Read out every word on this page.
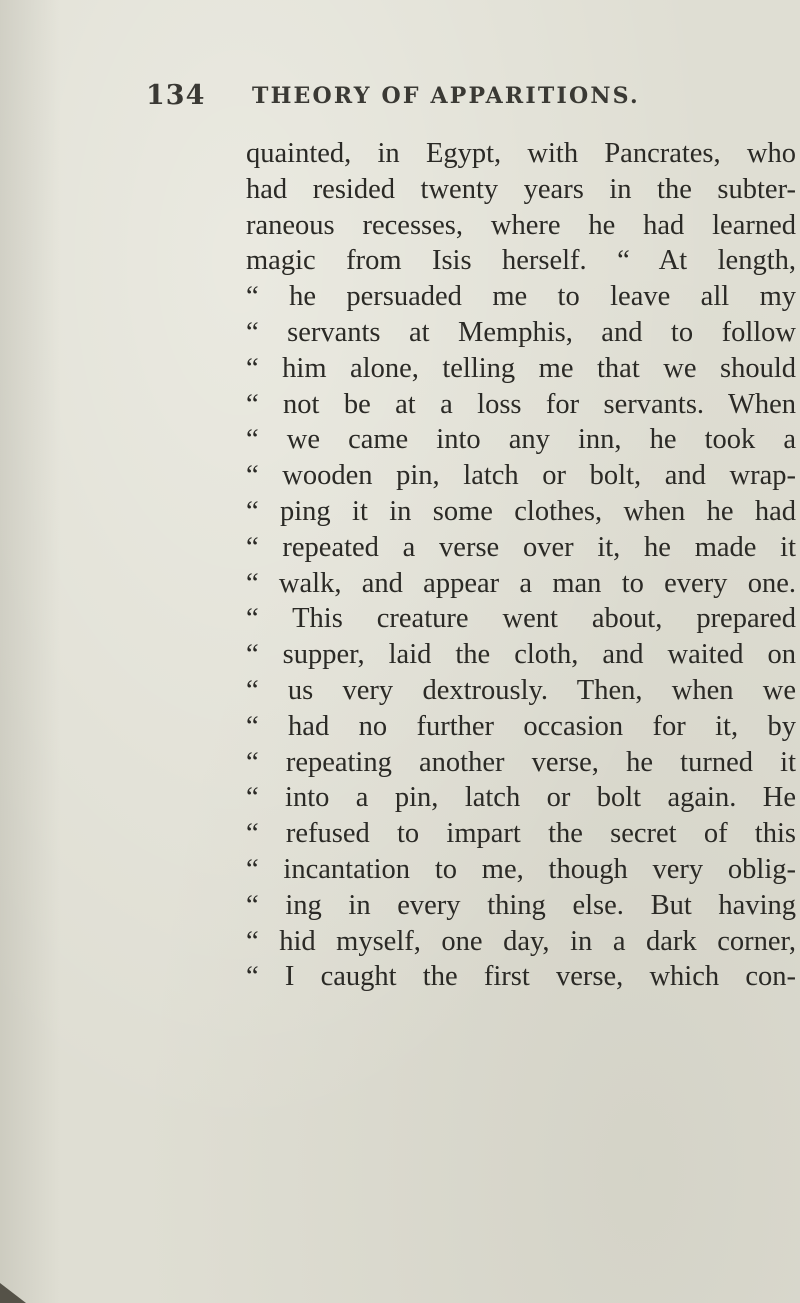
134 THEORY OF APPARITIONS.
quainted, in Egypt, with Pancrates, who
had resided twenty years in the subter-
raneous recesses, where he had learned
magic from Isis herself. “ At length,
“ he persuaded me to leave all my
“ servants at Memphis, and to follow
“ him alone, telling me that we should
“ not be at a loss for servants. When
“ we came into any inn, he took a
“ wooden pin, latch or bolt, and wrap-
“ ping it in some clothes, when he had
“ repeated a verse over it, he made it
“ walk, and appear a man to every one.
“ This creature went about, prepared
“ supper, laid the cloth, and waited on
“ us very dextrously. Then, when we
“ had no further occasion for it, by
“ repeating another verse, he turned it
“ into a pin, latch or bolt again. He
“ refused to impart the secret of this
“ incantation to me, though very oblig-
“ ing in every thing else. But having
“ hid myself, one day, in a dark corner,
“ I caught the first verse, which con-
